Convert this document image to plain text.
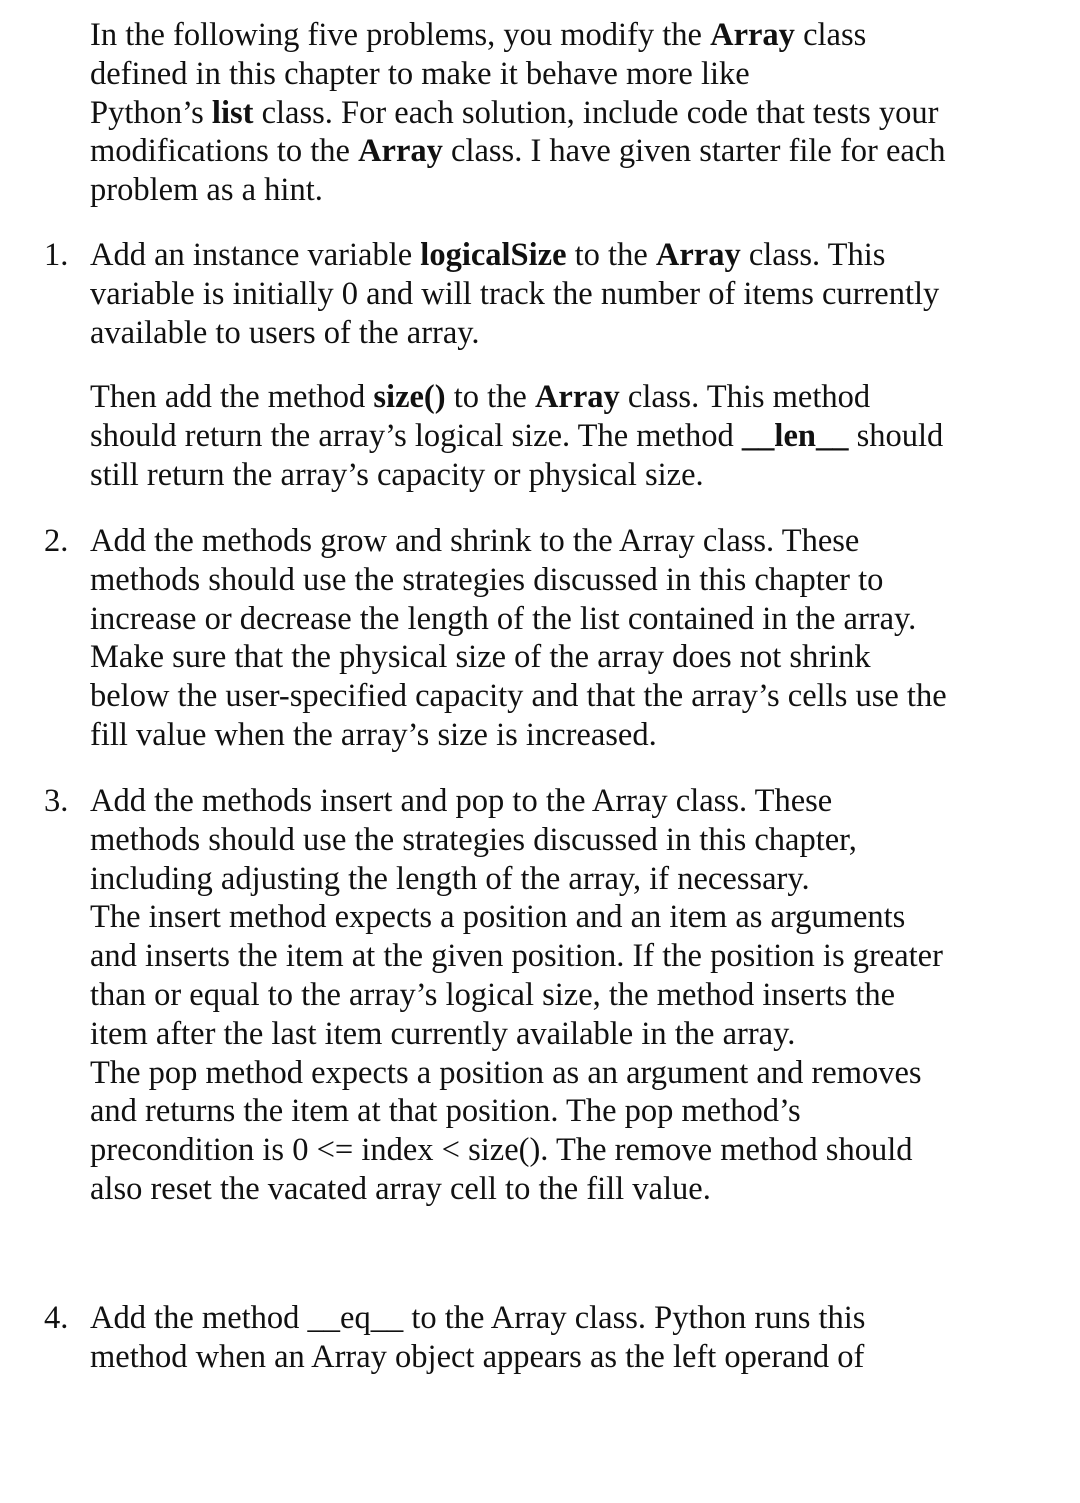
In the following five problems, you modify the Array class
defined in this chapter to make it behave more like
Python’s list class. For each solution, include code that tests your
modifications to the Array class. I have given starter file for each
problem as a hint.
1. Add an instance variable logicalSize to the Array class. This
variable is initially 0 and will track the number of items currently
available to users of the array.
Then add the method size() to the Array class. This method
should return the array’s logical size. The method __len__ should
still return the array’s capacity or physical size.
2. Add the methods grow and shrink to the Array class. These
methods should use the strategies discussed in this chapter to
increase or decrease the length of the list contained in the array.
Make sure that the physical size of the array does not shrink
below the user-specified capacity and that the array’s cells use the
fill value when the array’s size is increased.
3. Add the methods insert and pop to the Array class. These
methods should use the strategies discussed in this chapter,
including adjusting the length of the array, if necessary.
The insert method expects a position and an item as arguments
and inserts the item at the given position. If the position is greater
than or equal to the array’s logical size, the method inserts the
item after the last item currently available in the array.
The pop method expects a position as an argument and removes
and returns the item at that position. The pop method’s
precondition is 0 <= index < size(). The remove method should
also reset the vacated array cell to the fill value.
4. Add the method __eq__ to the Array class. Python runs this
method when an Array object appears as the left operand of
